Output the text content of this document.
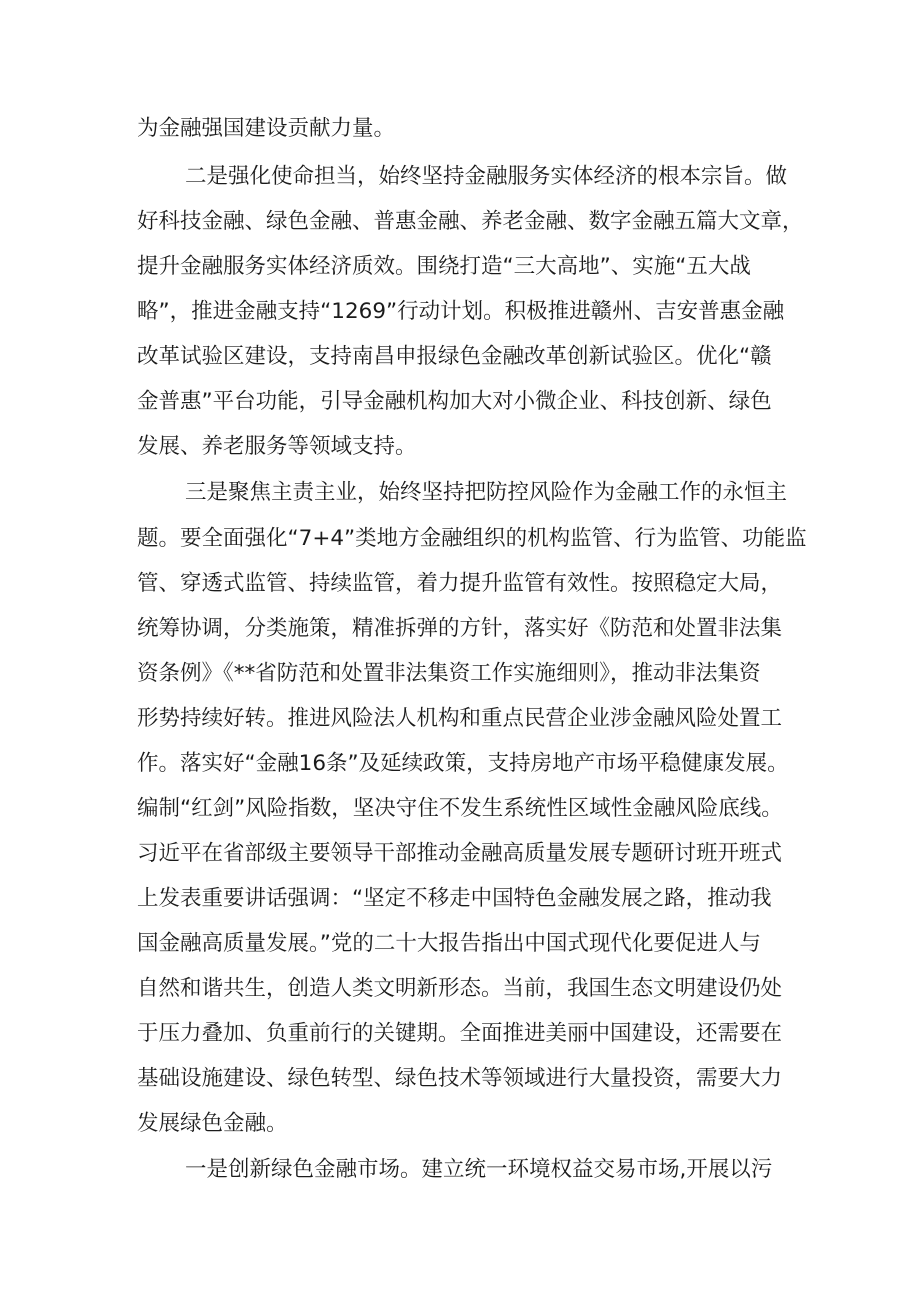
为金融强国建设贡献力量。
二是强化使命担当，始终坚持金融服务实体经济的根本宗旨。做
好科技金融、绿色金融、普惠金融、养老金融、数字金融五篇大文章，
提升金融服务实体经济质效。围绕打造“三大高地”、实施“五大战
略”，推进金融支持“1269”行动计划。积极推进赣州、吉安普惠金融
改革试验区建设，支持南昌申报绿色金融改革创新试验区。优化“赣
金普惠”平台功能，引导金融机构加大对小微企业、科技创新、绿色
发展、养老服务等领域支持。
三是聚焦主责主业，始终坚持把防控风险作为金融工作的永恒主
题。要全面强化“7+4”类地方金融组织的机构监管、行为监管、功能监
管、穿透式监管、持续监管，着力提升监管有效性。按照稳定大局，
统筹协调，分类施策，精准拆弹的方针，落实好《防范和处置非法集
资条例》《**省防范和处置非法集资工作实施细则》，推动非法集资
形势持续好转。推进风险法人机构和重点民营企业涉金融风险处置工
作。落实好“金融16条”及延续政策，支持房地产市场平稳健康发展。
编制“红剑”风险指数，坚决守住不发生系统性区域性金融风险底线。
习近平在省部级主要领导干部推动金融高质量发展专题研讨班开班式
上发表重要讲话强调：“坚定不移走中国特色金融发展之路，推动我
国金融高质量发展。”党的二十大报告指出中国式现代化要促进人与
自然和谐共生，创造人类文明新形态。当前，我国生态文明建设仍处
于压力叠加、负重前行的关键期。全面推进美丽中国建设，还需要在
基础设施建设、绿色转型、绿色技术等领域进行大量投资，需要大力
发展绿色金融。
一是创新绿色金融市场。建立统一环境权益交易市场,开展以污
